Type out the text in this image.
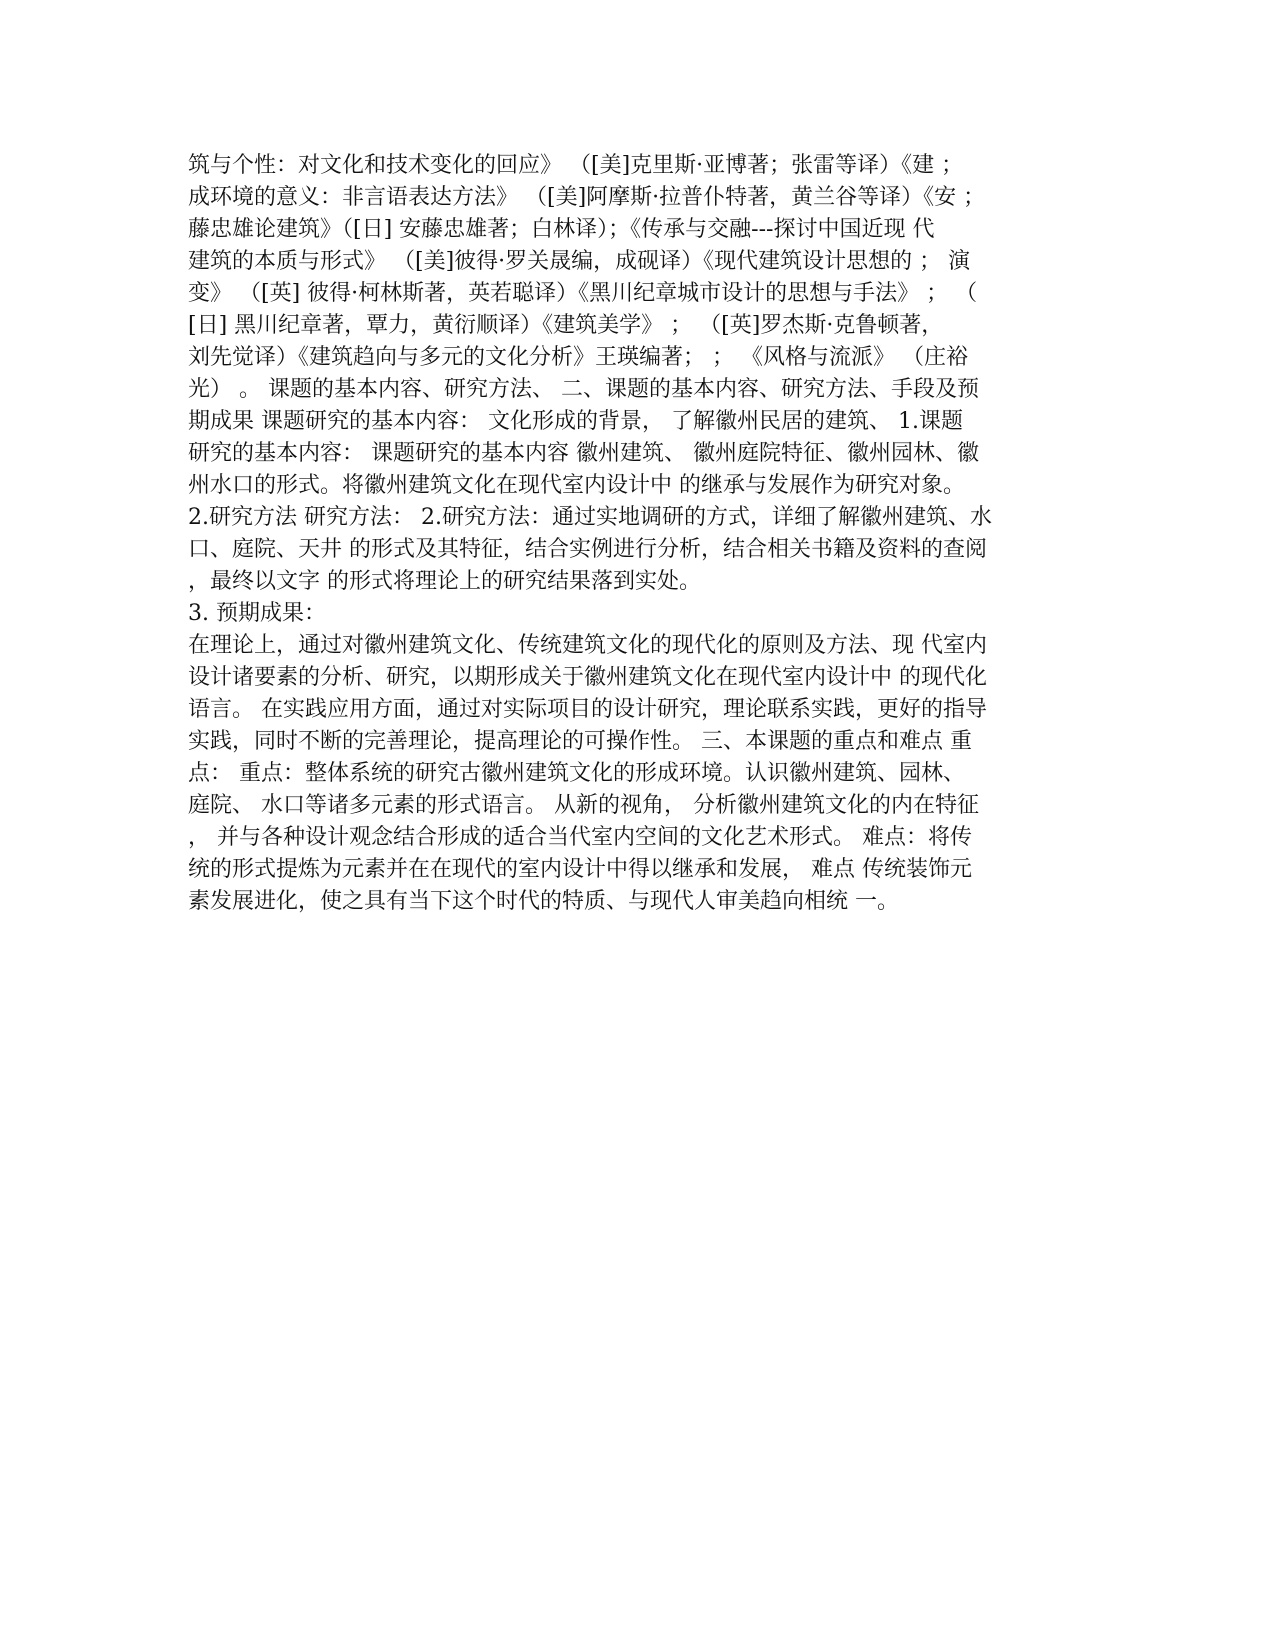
筑与个性：对文化和技术变化的回应》 （[美]克里斯·亚博著；张雷等译）《建 ；
成环境的意义：非言语表达方法》 （[美]阿摩斯·拉普仆特著，黄兰谷等译）《安 ；
藤忠雄论建筑》（[日] 安藤忠雄著；白林译）；《传承与交融---探讨中国近现 代
建筑的本质与形式》 （[美]彼得·罗关晟编，成砚译）《现代建筑设计思想的 ； 演
变》 （[英] 彼得·柯林斯著，英若聪译）《黑川纪章城市设计的思想与手法》 ； （
[日] 黑川纪章著，覃力，黄衍顺译）《建筑美学》 ； （[英]罗杰斯·克鲁顿著，
刘先觉译）《建筑趋向与多元的文化分析》王瑛编著； ； 《风格与流派》 （庄裕
光） 。 课题的基本内容、研究方法、 二、课题的基本内容、研究方法、手段及预
期成果 课题研究的基本内容： 文化形成的背景， 了解徽州民居的建筑、 1.课题
研究的基本内容： 课题研究的基本内容 徽州建筑、 徽州庭院特征、徽州园林、徽
州水口的形式。将徽州建筑文化在现代室内设计中 的继承与发展作为研究对象。
2.研究方法 研究方法： 2.研究方法：通过实地调研的方式，详细了解徽州建筑、水
口、庭院、天井 的形式及其特征，结合实例进行分析，结合相关书籍及资料的查阅
，最终以文字 的形式将理论上的研究结果落到实处。
3. 预期成果：
在理论上，通过对徽州建筑文化、传统建筑文化的现代化的原则及方法、现 代室内
设计诸要素的分析、研究，以期形成关于徽州建筑文化在现代室内设计中 的现代化
语言。 在实践应用方面，通过对实际项目的设计研究，理论联系实践，更好的指导
实践，同时不断的完善理论，提高理论的可操作性。 三、本课题的重点和难点 重
点： 重点：整体系统的研究古徽州建筑文化的形成环境。认识徽州建筑、园林、
庭院、 水口等诸多元素的形式语言。 从新的视角， 分析徽州建筑文化的内在特征
， 并与各种设计观念结合形成的适合当代室内空间的文化艺术形式。 难点：将传
统的形式提炼为元素并在在现代的室内设计中得以继承和发展， 难点 传统装饰元
素发展进化，使之具有当下这个时代的特质、与现代人审美趋向相统 一。
